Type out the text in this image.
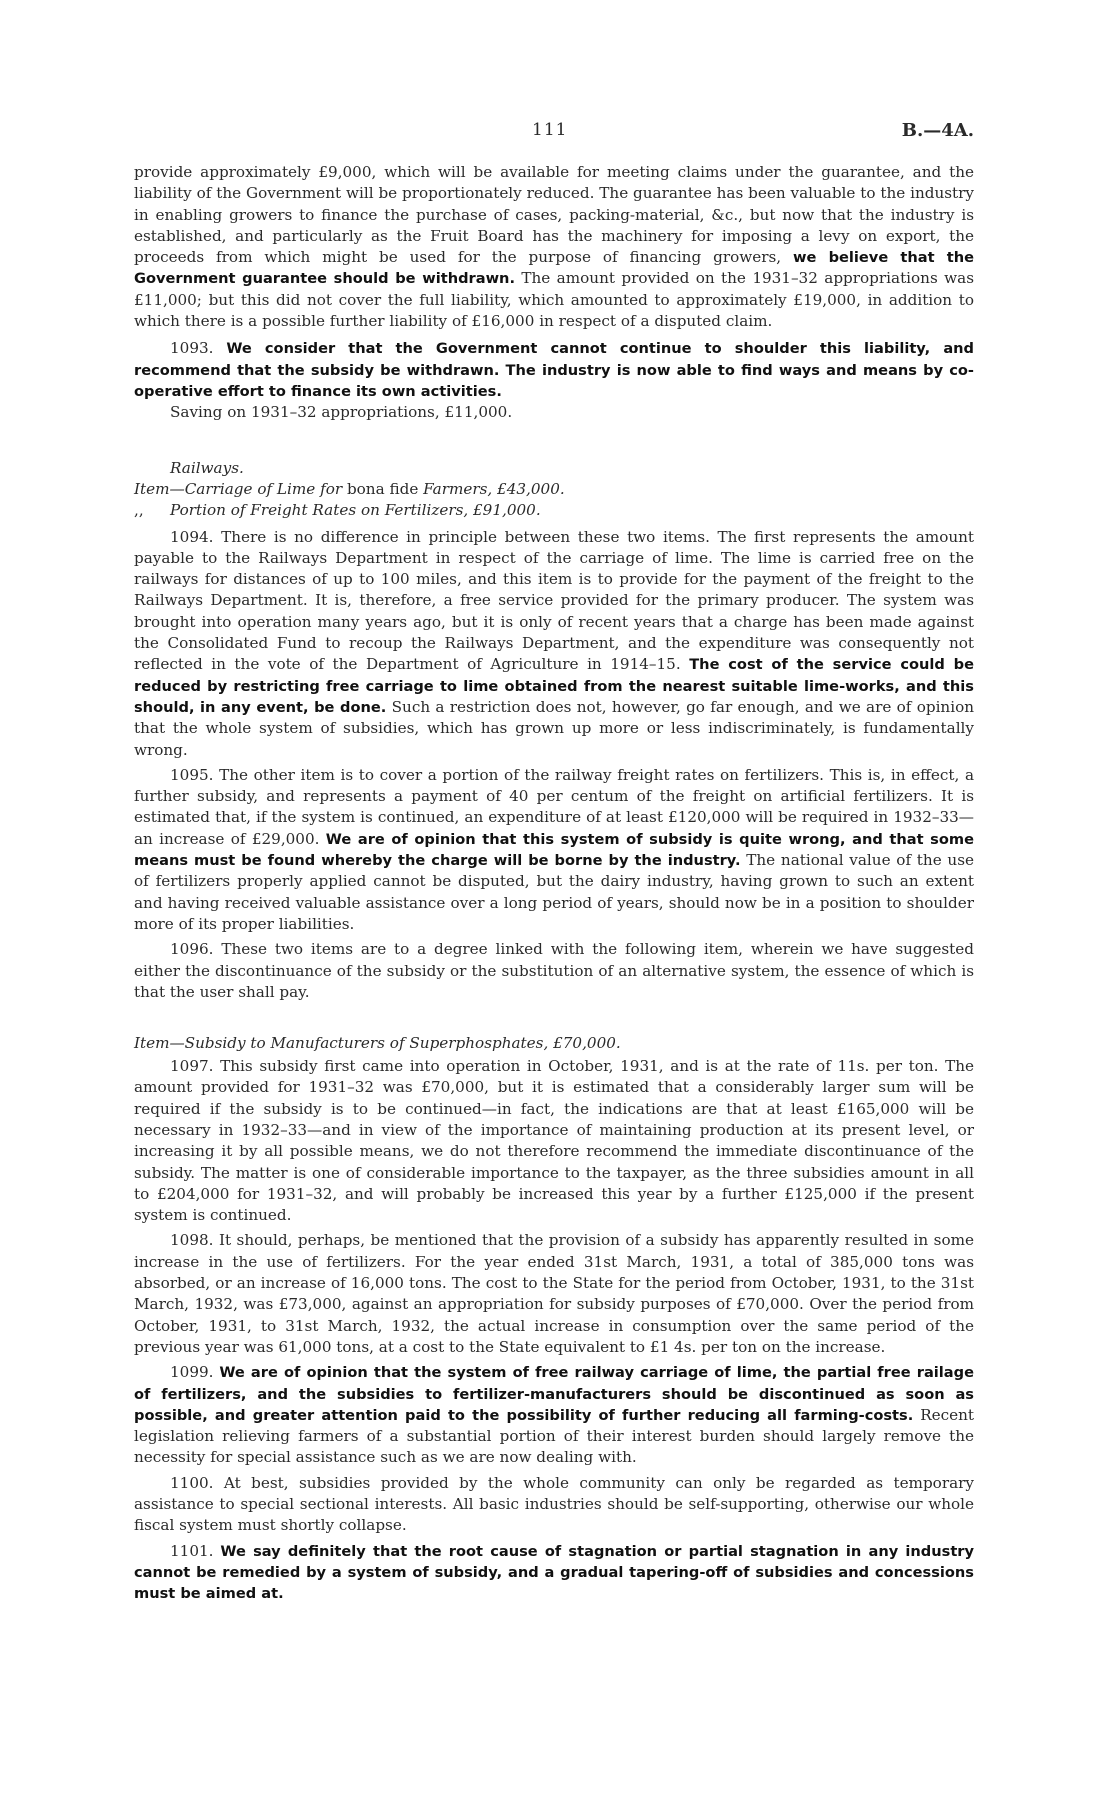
111	B.—4A.

provide approximately £9,000, which will be available for meeting claims under the guarantee, and the liability of the Government will be proportionately reduced. The guarantee has been valuable to the industry in enabling growers to finance the purchase of cases, packing-material, &c., but now that the industry is established, and particularly as the Fruit Board has the machinery for imposing a levy on export, the proceeds from which might be used for the purpose of financing growers, we believe that the Government guarantee should be withdrawn. The amount provided on the 1931–32 appropriations was £11,000; but this did not cover the full liability, which amounted to approximately £19,000, in addition to which there is a possible further liability of £16,000 in respect of a disputed claim.

1093. We consider that the Government cannot continue to shoulder this liability, and recommend that the subsidy be withdrawn. The industry is now able to find ways and means by co-operative effort to finance its own activities.

Saving on 1931–32 appropriations, £11,000.

Railways.

Item—Carriage of Lime for bona fide Farmers, £43,000.

,, Portion of Freight Rates on Fertilizers, £91,000.

1094. There is no difference in principle between these two items. The first represents the amount payable to the Railways Department in respect of the carriage of lime. The lime is carried free on the railways for distances of up to 100 miles, and this item is to provide for the payment of the freight to the Railways Department. It is, therefore, a free service provided for the primary producer. The system was brought into operation many years ago, but it is only of recent years that a charge has been made against the Consolidated Fund to recoup the Railways Department, and the expenditure was consequently not reflected in the vote of the Department of Agriculture in 1914–15. The cost of the service could be reduced by restricting free carriage to lime obtained from the nearest suitable lime-works, and this should, in any event, be done. Such a restriction does not, however, go far enough, and we are of opinion that the whole system of subsidies, which has grown up more or less indiscriminately, is fundamentally wrong.

1095. The other item is to cover a portion of the railway freight rates on fertilizers. This is, in effect, a further subsidy, and represents a payment of 40 per centum of the freight on artificial fertilizers. It is estimated that, if the system is continued, an expenditure of at least £120,000 will be required in 1932–33—an increase of £29,000. We are of opinion that this system of subsidy is quite wrong, and that some means must be found whereby the charge will be borne by the industry. The national value of the use of fertilizers properly applied cannot be disputed, but the dairy industry, having grown to such an extent and having received valuable assistance over a long period of years, should now be in a position to shoulder more of its proper liabilities.

1096. These two items are to a degree linked with the following item, wherein we have suggested either the discontinuance of the subsidy or the substitution of an alternative system, the essence of which is that the user shall pay.

Item—Subsidy to Manufacturers of Superphosphates, £70,000.

1097. This subsidy first came into operation in October, 1931, and is at the rate of 11s. per ton. The amount provided for 1931–32 was £70,000, but it is estimated that a considerably larger sum will be required if the subsidy is to be continued—in fact, the indications are that at least £165,000 will be necessary in 1932–33—and in view of the importance of maintaining production at its present level, or increasing it by all possible means, we do not therefore recommend the immediate discontinuance of the subsidy. The matter is one of considerable importance to the taxpayer, as the three subsidies amount in all to £204,000 for 1931–32, and will probably be increased this year by a further £125,000 if the present system is continued.

1098. It should, perhaps, be mentioned that the provision of a subsidy has apparently resulted in some increase in the use of fertilizers. For the year ended 31st March, 1931, a total of 385,000 tons was absorbed, or an increase of 16,000 tons. The cost to the State for the period from October, 1931, to the 31st March, 1932, was £73,000, against an appropriation for subsidy purposes of £70,000. Over the period from October, 1931, to 31st March, 1932, the actual increase in consumption over the same period of the previous year was 61,000 tons, at a cost to the State equivalent to £1 4s. per ton on the increase.

1099. We are of opinion that the system of free railway carriage of lime, the partial free railage of fertilizers, and the subsidies to fertilizer-manufacturers should be discontinued as soon as possible, and greater attention paid to the possibility of further reducing all farming-costs. Recent legislation relieving farmers of a substantial portion of their interest burden should largely remove the necessity for special assistance such as we are now dealing with.

1100. At best, subsidies provided by the whole community can only be regarded as temporary assistance to special sectional interests. All basic industries should be self-supporting, otherwise our whole fiscal system must shortly collapse.

1101. We say definitely that the root cause of stagnation or partial stagnation in any industry cannot be remedied by a system of subsidy, and a gradual tapering-off of subsidies and concessions must be aimed at.
